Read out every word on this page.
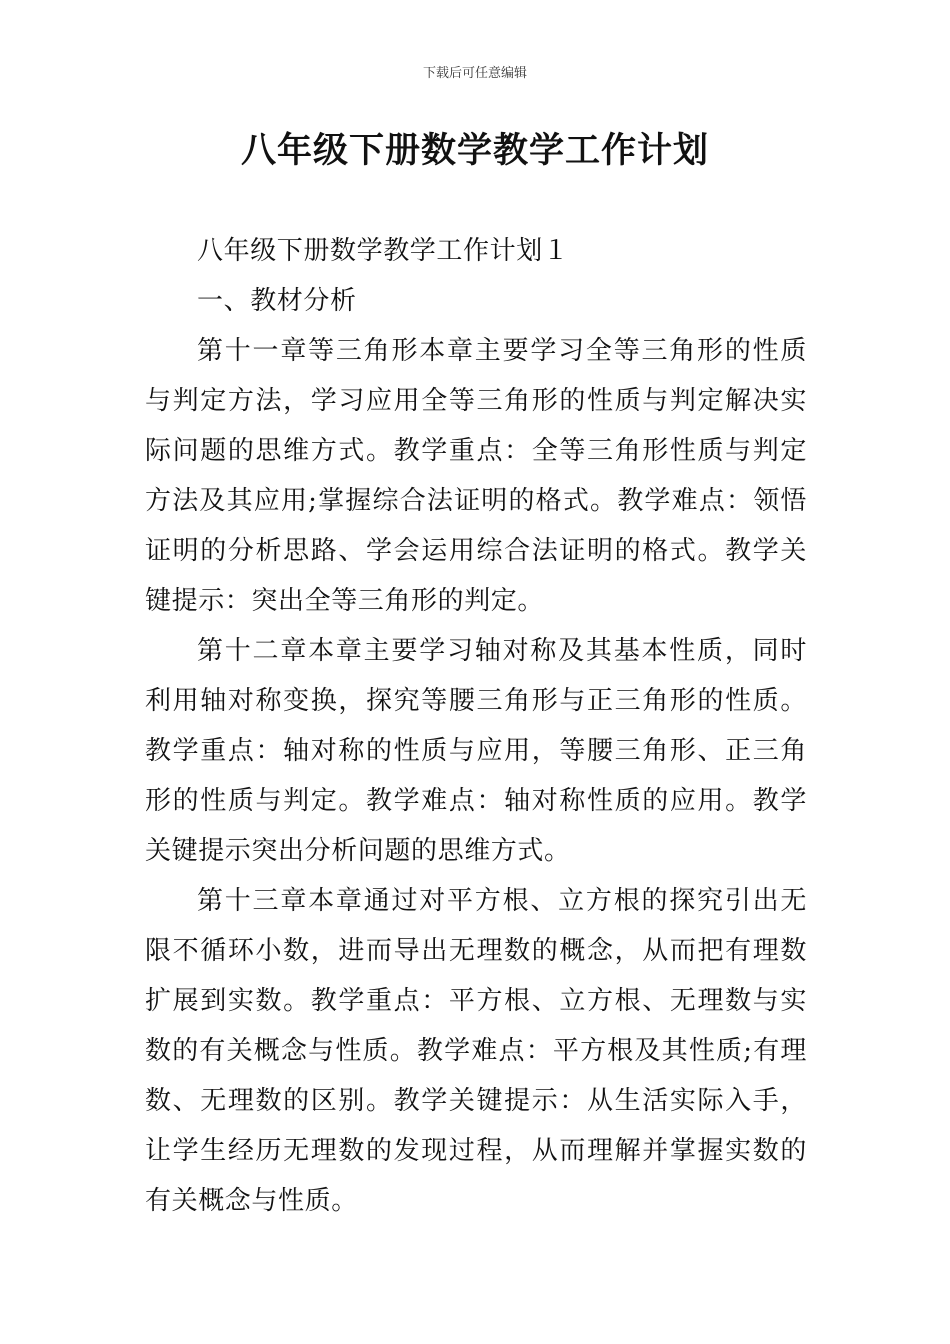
下载后可任意编辑
八年级下册数学教学工作计划

八年级下册数学教学工作计划１

一、教材分析

第十一章等三角形本章主要学习全等三角形的性质与判定方法，学习应用全等三角形的性质与判定解决实际问题的思维方式。教学重点：全等三角形性质与判定方法及其应用;掌握综合法证明的格式。教学难点：领悟证明的分析思路、学会运用综合法证明的格式。教学关键提示：突出全等三角形的判定。

第十二章本章主要学习轴对称及其基本性质，同时利用轴对称变换，探究等腰三角形与正三角形的性质。教学重点：轴对称的性质与应用，等腰三角形、正三角形的性质与判定。教学难点：轴对称性质的应用。教学关键提示突出分析问题的思维方式。

第十三章本章通过对平方根、立方根的探究引出无限不循环小数，进而导出无理数的概念，从而把有理数扩展到实数。教学重点：平方根、立方根、无理数与实数的有关概念与性质。教学难点：平方根及其性质;有理数、无理数的区别。教学关键提示：从生活实际入手，让学生经历无理数的发现过程，从而理解并掌握实数的有关概念与性质。
